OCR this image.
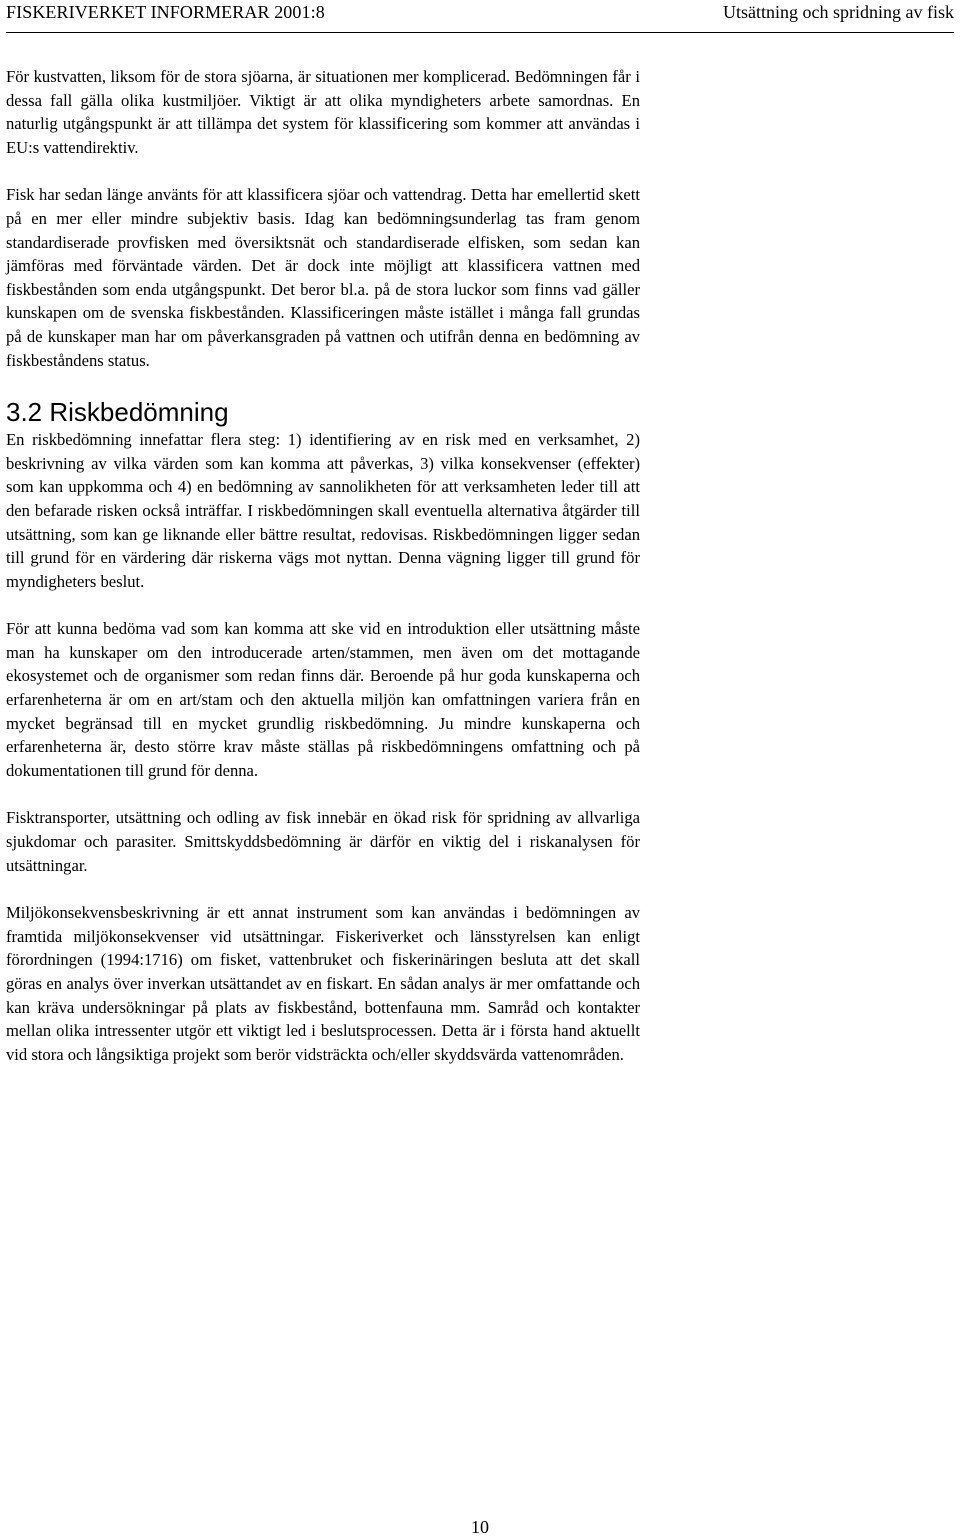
FISKERIVERKET INFORMERAR 2001:8	Utsättning och spridning av fisk

För kustvatten, liksom för de stora sjöarna, är situationen mer komplicerad. Bedömningen får i dessa fall gälla olika kustmiljöer. Viktigt är att olika myndigheters arbete samordnas. En naturlig utgångspunkt är att tillämpa det system för klassificering som kommer att användas i EU:s vattendirektiv.

Fisk har sedan länge använts för att klassificera sjöar och vattendrag. Detta har emellertid skett på en mer eller mindre subjektiv basis. Idag kan bedömningsunderlag tas fram genom standardiserade provfisken med översiktsnät och standardiserade elfisken, som sedan kan jämföras med förväntade värden. Det är dock inte möjligt att klassificera vattnen med fiskbestånden som enda utgångspunkt. Det beror bl.a. på de stora luckor som finns vad gäller kunskapen om de svenska fiskbestånden. Klassificeringen måste istället i många fall grundas på de kunskaper man har om påverkansgraden på vattnen och utifrån denna en bedömning av fiskbeståndens status.

3.2 Riskbedömning

En riskbedömning innefattar flera steg: 1) identifiering av en risk med en verksamhet, 2) beskrivning av vilka värden som kan komma att påverkas, 3) vilka konsekvenser (effekter) som kan uppkomma och 4) en bedömning av sannolikheten för att verksamheten leder till att den befarade risken också inträffar. I riskbedömningen skall eventuella alternativa åtgärder till utsättning, som kan ge liknande eller bättre resultat, redovisas. Riskbedömningen ligger sedan till grund för en värdering där riskerna vägs mot nyttan. Denna vägning ligger till grund för myndigheters beslut.

För att kunna bedöma vad som kan komma att ske vid en introduktion eller utsättning måste man ha kunskaper om den introducerade arten/stammen, men även om det mottagande ekosystemet och de organismer som redan finns där. Beroende på hur goda kunskaperna och erfarenheterna är om en art/stam och den aktuella miljön kan omfattningen variera från en mycket begränsad till en mycket grundlig riskbedömning. Ju mindre kunskaperna och erfarenheterna är, desto större krav måste ställas på riskbedömningens omfattning och på dokumentationen till grund för denna.

Fisktransporter, utsättning och odling av fisk innebär en ökad risk för spridning av allvarliga sjukdomar och parasiter. Smittskyddsbedömning är därför en viktig del i riskanalysen för utsättningar.

Miljökonsekvensbeskrivning är ett annat instrument som kan användas i bedömningen av framtida miljökonsekvenser vid utsättningar. Fiskeriverket och länsstyrelsen kan enligt förordningen (1994:1716) om fisket, vattenbruket och fiskerinäringen besluta att det skall göras en analys över inverkan utsättandet av en fiskart. En sådan analys är mer omfattande och kan kräva undersökningar på plats av fiskbestånd, bottenfauna mm. Samråd och kontakter mellan olika intressenter utgör ett viktigt led i beslutsprocessen. Detta är i första hand aktuellt vid stora och långsiktiga projekt som berör vidsträckta och/eller skyddsvärda vattenområden.

10
